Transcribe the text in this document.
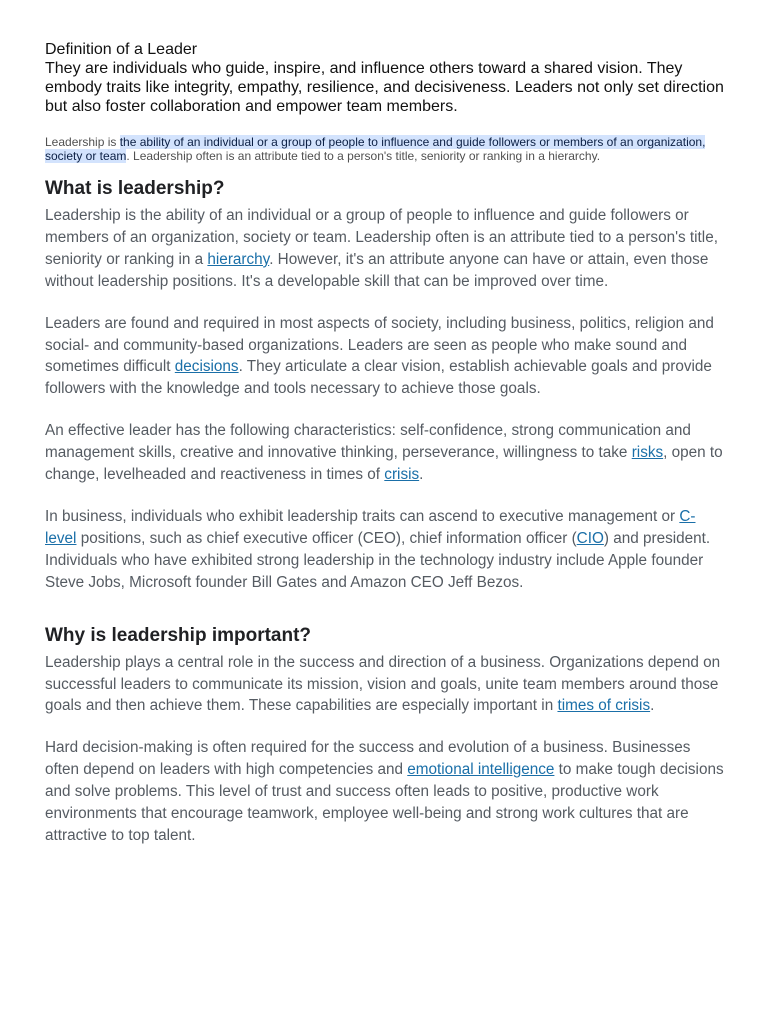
Definition of a Leader

They are individuals who guide, inspire, and influence others toward a shared vision. They embody traits like integrity, empathy, resilience, and decisiveness. Leaders not only set direction but also foster collaboration and empower team members.

Leadership is the ability of an individual or a group of people to influence and guide followers or members of an organization, society or team. Leadership often is an attribute tied to a person's title, seniority or ranking in a hierarchy.
What is leadership?

Leadership is the ability of an individual or a group of people to influence and guide followers or members of an organization, society or team. Leadership often is an attribute tied to a person's title, seniority or ranking in a hierarchy. However, it's an attribute anyone can have or attain, even those without leadership positions. It's a developable skill that can be improved over time.

Leaders are found and required in most aspects of society, including business, politics, religion and social- and community-based organizations. Leaders are seen as people who make sound and sometimes difficult decisions. They articulate a clear vision, establish achievable goals and provide followers with the knowledge and tools necessary to achieve those goals.

An effective leader has the following characteristics: self-confidence, strong communication and management skills, creative and innovative thinking, perseverance, willingness to take risks, open to change, levelheaded and reactiveness in times of crisis.

In business, individuals who exhibit leadership traits can ascend to executive management or C-level positions, such as chief executive officer (CEO), chief information officer (CIO) and president. Individuals who have exhibited strong leadership in the technology industry include Apple founder Steve Jobs, Microsoft founder Bill Gates and Amazon CEO Jeff Bezos.

Why is leadership important?

Leadership plays a central role in the success and direction of a business. Organizations depend on successful leaders to communicate its mission, vision and goals, unite team members around those goals and then achieve them. These capabilities are especially important in times of crisis.

Hard decision-making is often required for the success and evolution of a business. Businesses often depend on leaders with high competencies and emotional intelligence to make tough decisions and solve problems. This level of trust and success often leads to positive, productive work environments that encourage teamwork, employee well-being and strong work cultures that are attractive to top talent.
